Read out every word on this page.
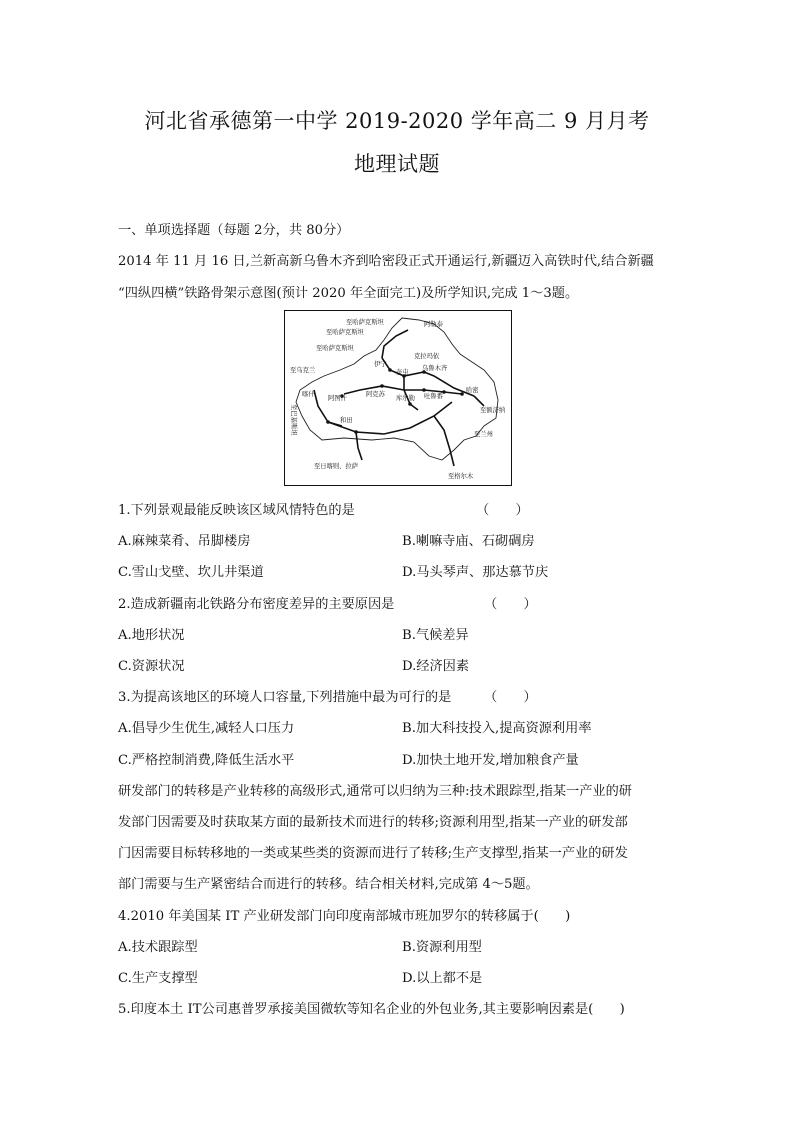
河北省承德第一中学 2019-2020 学年高二 9 月月考
地理试题
一、单项选择题（每题 2分，共 80分）
2014 年 11 月 16 日,兰新高新乌鲁木齐到哈密段正式开通运行,新疆迈入高铁时代,结合新疆
“四纵四横”铁路骨架示意图(预计 2020 年全面完工)及所学知识,完成 1～3题。
至哈萨克斯坦	阿勒泰
至哈萨克斯坦
至哈萨克斯坦
克拉玛依
伊宁
奎屯
乌鲁木齐
至乌克兰
哈密
喀什
阿图什
阿克苏
库尔勒 吐鲁番
至额济纳
至巴基斯坦	和田
至兰州
至日喀则、拉萨
至格尔木
1.下列景观最能反映该区域风情特色的是	（　　）
A.麻辣菜肴、吊脚楼房	B.喇嘛寺庙、石砌碉房
C.雪山戈壁、坎儿井渠道	D.马头琴声、那达慕节庆
2.造成新疆南北铁路分布密度差异的主要原因是	（　　）
A.地形状况	B.气候差异
C.资源状况	D.经济因素
3.为提高该地区的环境人口容量,下列措施中最为可行的是 （　　）
A.倡导少生优生,减轻人口压力	B.加大科技投入,提高资源利用率
C.严格控制消费,降低生活水平	D.加快土地开发,增加粮食产量
研发部门的转移是产业转移的高级形式,通常可以归纳为三种:技术跟踪型,指某一产业的研
发部门因需要及时获取某方面的最新技术而进行的转移;资源利用型,指某一产业的研发部
门因需要目标转移地的一类或某些类的资源而进行了转移;生产支撑型,指某一产业的研发
部门需要与生产紧密结合而进行的转移。结合相关材料,完成第 4～5题。
4.2010 年美国某 IT 产业研发部门向印度南部城市班加罗尔的转移属于(　　)
A.技术跟踪型	B.资源利用型
C.生产支撑型	D.以上都不是
5.印度本土 IT公司惠普罗承接美国微软等知名企业的外包业务,其主要影响因素是(　　)
